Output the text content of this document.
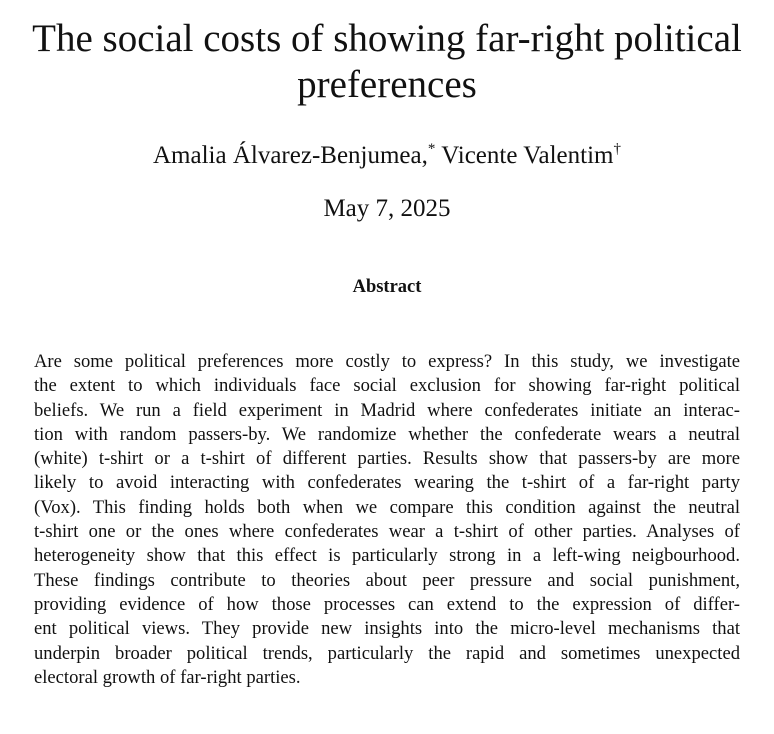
The social costs of showing far-right political
preferences
Amalia Álvarez-Benjumea,* Vicente Valentim†
May 7, 2025
Abstract
Are some political preferences more costly to express? In this study, we investigate
the extent to which individuals face social exclusion for showing far-right political
beliefs. We run a field experiment in Madrid where confederates initiate an interac-
tion with random passers-by. We randomize whether the confederate wears a neutral
(white) t-shirt or a t-shirt of different parties. Results show that passers-by are more
likely to avoid interacting with confederates wearing the t-shirt of a far-right party
(Vox). This finding holds both when we compare this condition against the neutral
t-shirt one or the ones where confederates wear a t-shirt of other parties. Analyses of
heterogeneity show that this effect is particularly strong in a left-wing neigbourhood.
These findings contribute to theories about peer pressure and social punishment,
providing evidence of how those processes can extend to the expression of differ-
ent political views. They provide new insights into the micro-level mechanisms that
underpin broader political trends, particularly the rapid and sometimes unexpected
electoral growth of far-right parties.
